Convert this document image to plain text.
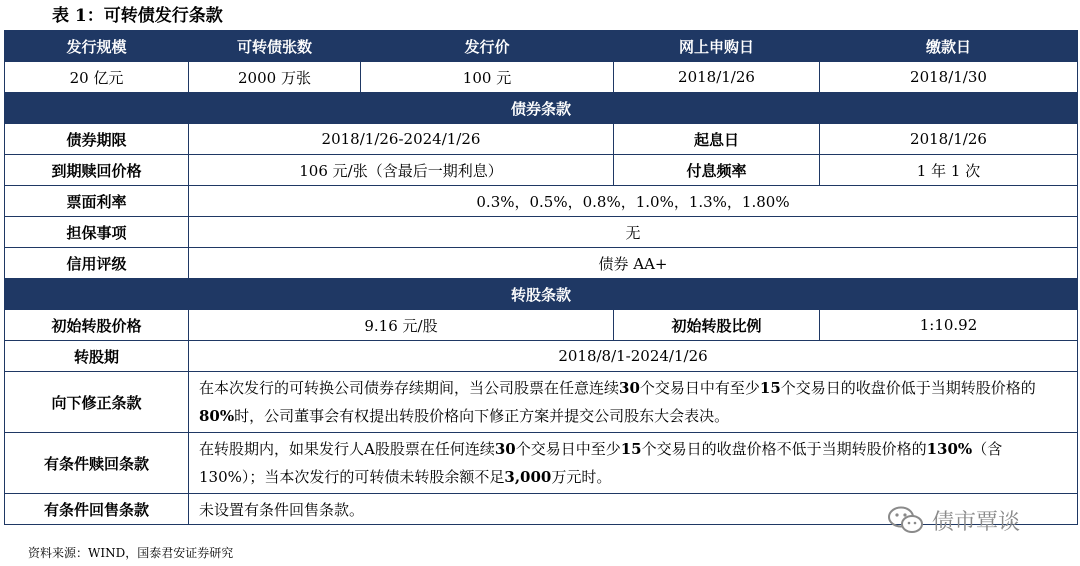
表 1：可转债发行条款
发行规模	可转债张数	发行价	网上申购日	缴款日
20 亿元	2000 万张	100 元	2018/1/26	2018/1/30
债券条款				
债券期限	2018/1/26-2024/1/26		起息日	2018/1/26
到期赎回价格	106 元/张（含最后一期利息）		付息频率	1 年 1 次
票面利率	0.3%，0.5%，0.8%，1.0%，1.3%，1.80%			
担保事项	无			
信用评级	债券 AA+			
转股条款				
初始转股价格	9.16 元/股		初始转股比例	1:10.92
转股期	2018/8/1-2024/1/26			
向下修正条款	在本次发行的可转换公司债券存续期间，当公司股票在任意连续30个交易日中有至少15个交易日的收盘价低于当期转股价格的80%时，公司董事会有权提出转股价格向下修正方案并提交公司股东大会表决。			
有条件赎回条款	在转股期内，如果发行人A股股票在任何连续30个交易日中至少15个交易日的收盘价格不低于当期转股价格的130%（含130%）；当本次发行的可转债未转股余额不足3,000万元时。			
有条件回售条款	未设置有条件回售条款。			
资料来源：WIND，国泰君安证券研究
债市覃谈
